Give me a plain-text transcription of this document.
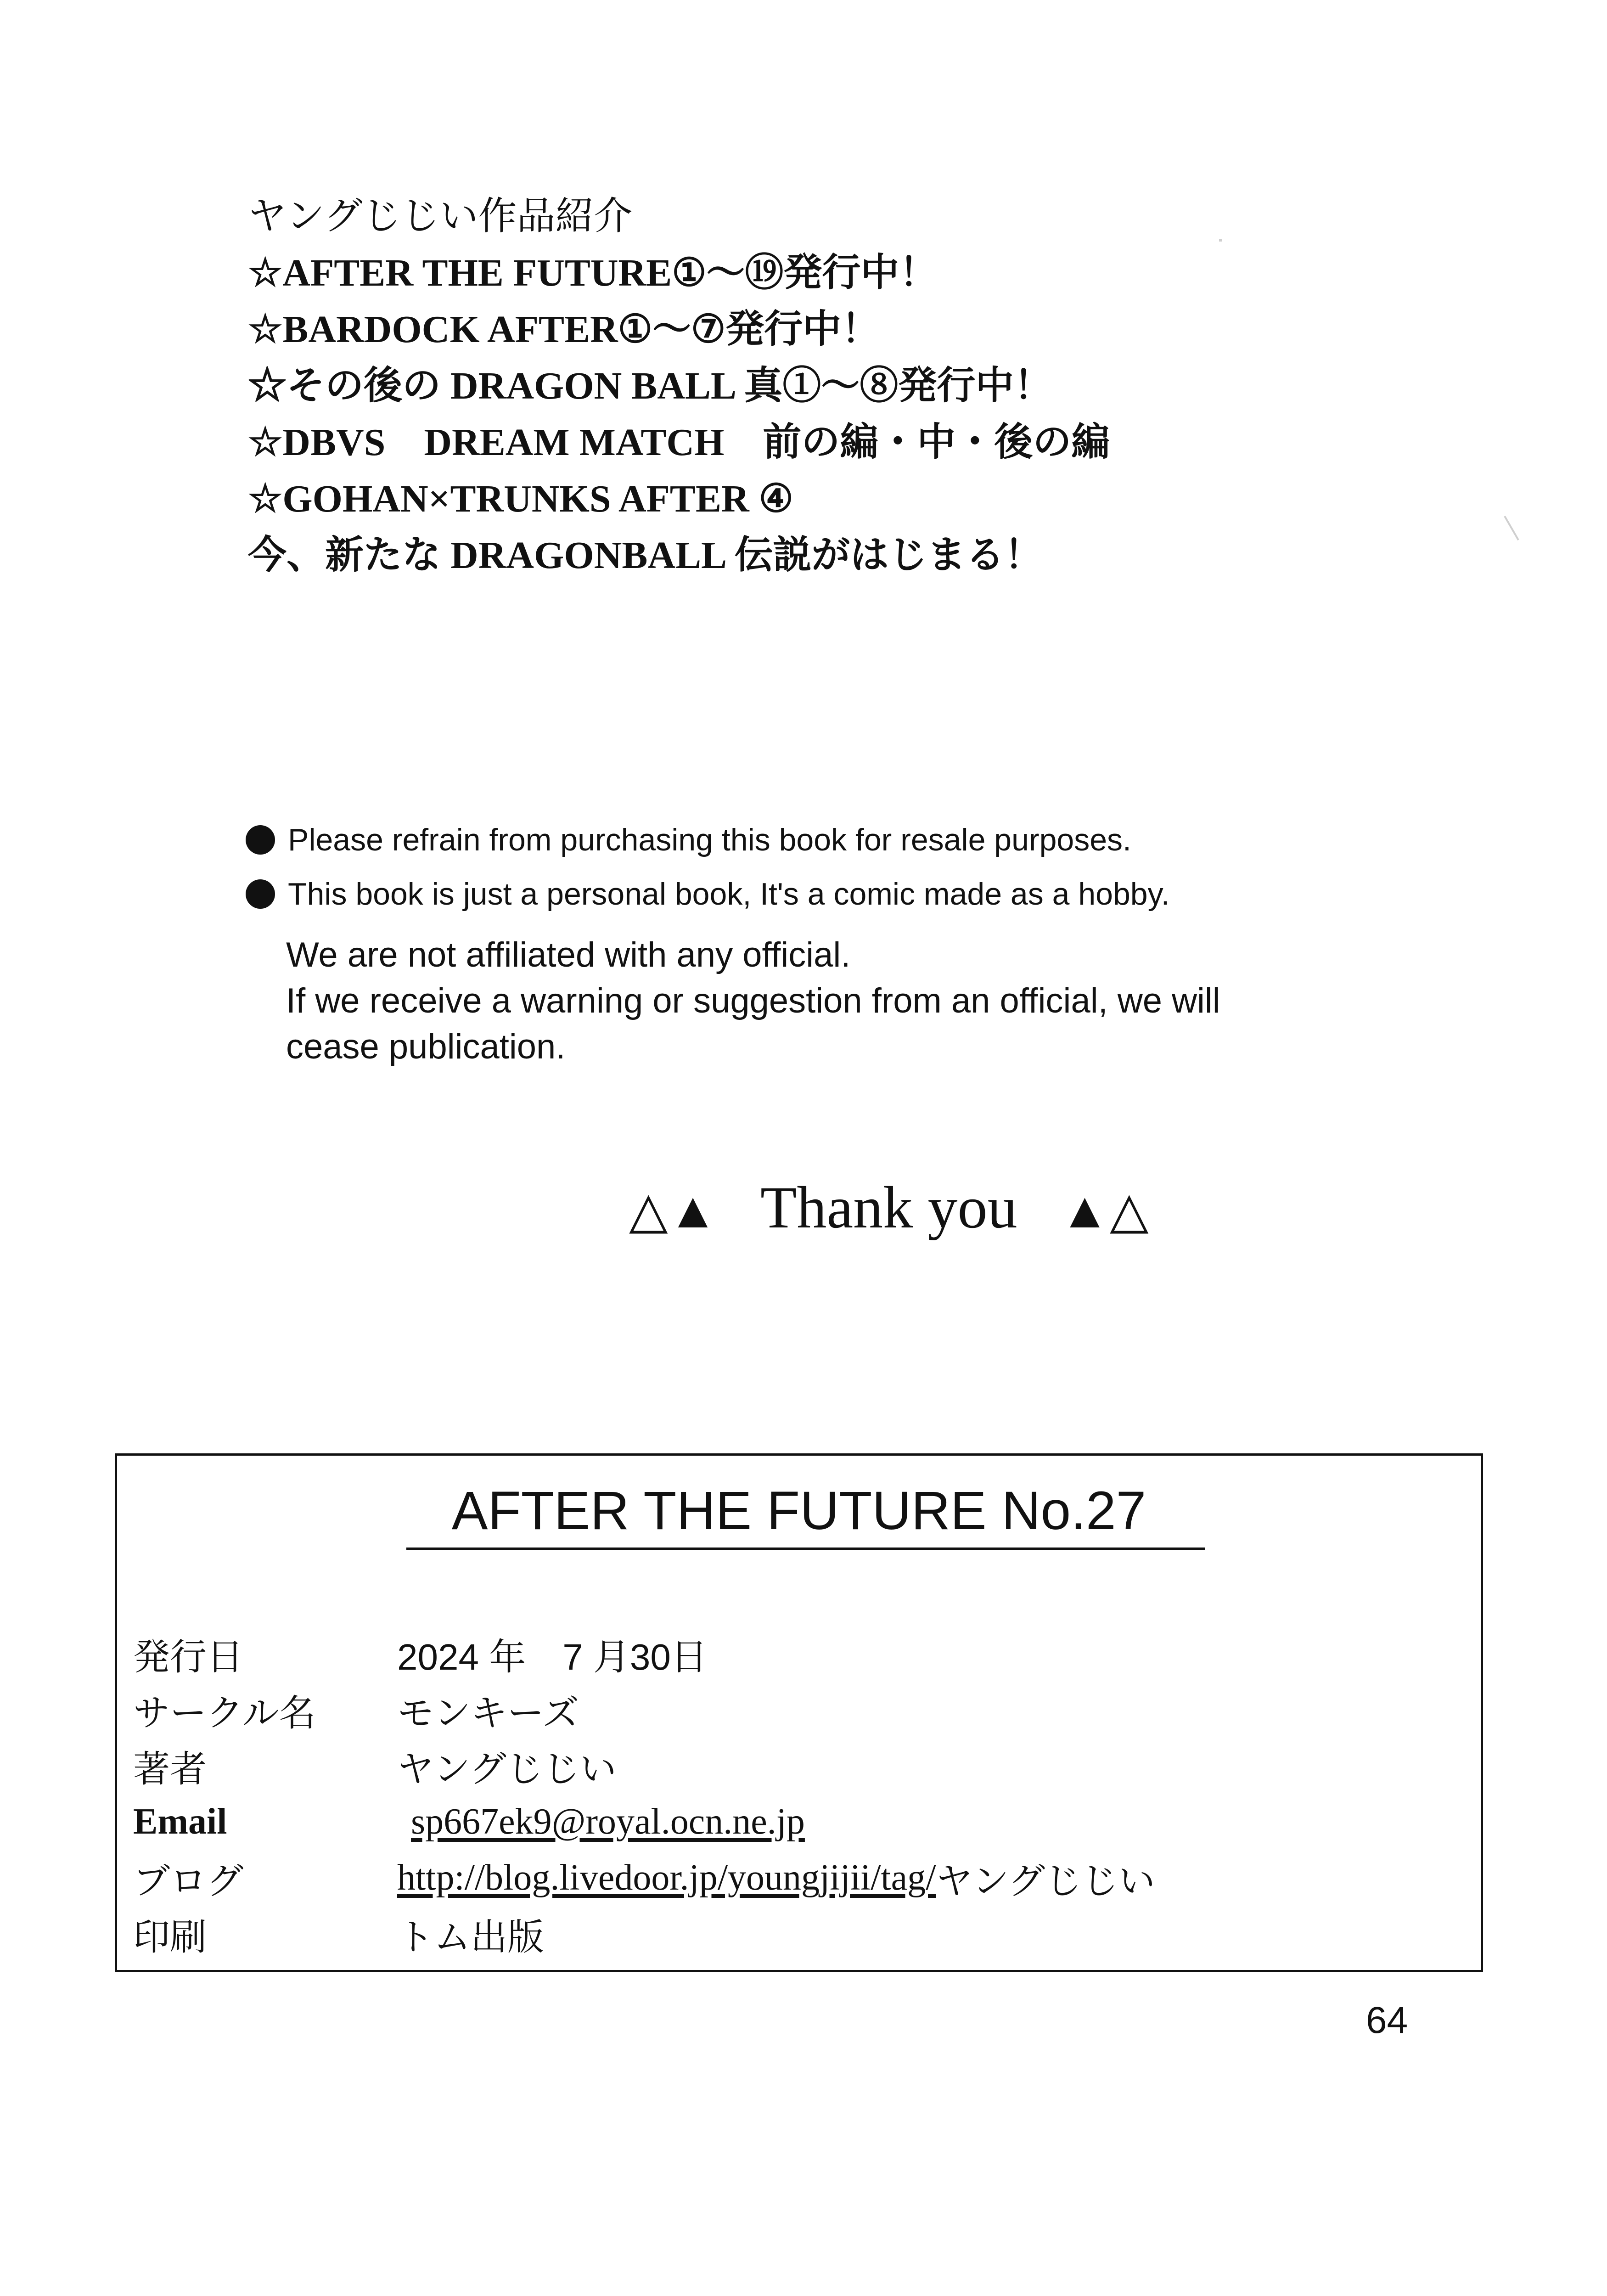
ヤングじじい作品紹介
☆AFTER THE FUTURE①～⑲発行中！
☆BARDOCK AFTER①～⑦発行中！
☆その後の DRAGON BALL 真①～⑧発行中！
☆DBVS　DREAM MATCH　前の編・中・後の編
☆GOHAN×TRUNKS AFTER ④
今、新たな DRAGONBALL 伝説がはじまる！
Please refrain from purchasing this book for resale purposes.
This book is just a personal book, It's a comic made as a hobby.
We are not affiliated with any official.
If we receive a warning or suggestion from an official, we will
cease publication.
△▲ Thank you ▲△
AFTER THE FUTURE No.27
発行日	2024 年　7 月30日
サークル名	モンキーズ
著者	ヤングじじい
Email	sp667ek9@royal.ocn.ne.jp
ブログ	http://blog.livedoor.jp/youngjijii/tag/ ヤングじじい
印刷	トム出版
64
